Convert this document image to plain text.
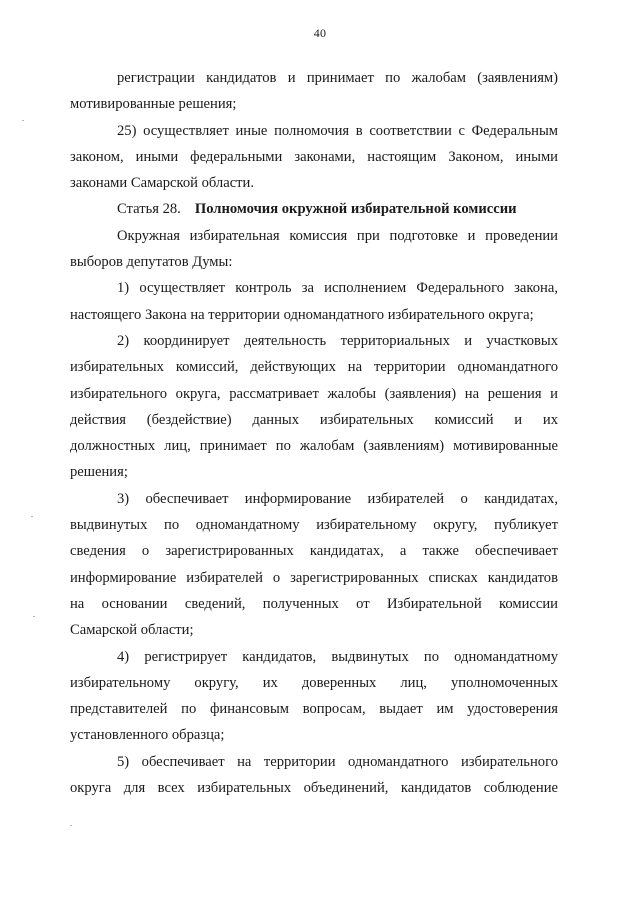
40

регистрации кандидатов и принимает по жалобам (заявлениям)
мотивированные решения;

25) осуществляет иные полномочия в соответствии с Федеральным
законом, иными федеральными законами, настоящим Законом, иными
законами Самарской области.

Статья 28. Полномочия окружной избирательной комиссии

Окружная избирательная комиссия при подготовке и проведении
выборов депутатов Думы:

1) осуществляет контроль за исполнением Федерального закона,
настоящего Закона на территории одномандатного избирательного округа;

2) координирует деятельность территориальных и участковых
избирательных комиссий, действующих на территории одномандатного
избирательного округа, рассматривает жалобы (заявления) на решения и
действия (бездействие) данных избирательных комиссий и их
должностных лиц, принимает по жалобам (заявлениям) мотивированные
решения;

3) обеспечивает информирование избирателей о кандидатах,
выдвинутых по одномандатному избирательному округу, публикует
сведения о зарегистрированных кандидатах, а также обеспечивает
информирование избирателей о зарегистрированных списках кандидатов
на основании сведений, полученных от Избирательной комиссии
Самарской области;

4) регистрирует кандидатов, выдвинутых по одномандатному
избирательному округу, их доверенных лиц, уполномоченных
представителей по финансовым вопросам, выдает им удостоверения
установленного образца;

5) обеспечивает на территории одномандатного избирательного
округа для всех избирательных объединений, кандидатов соблюдение
